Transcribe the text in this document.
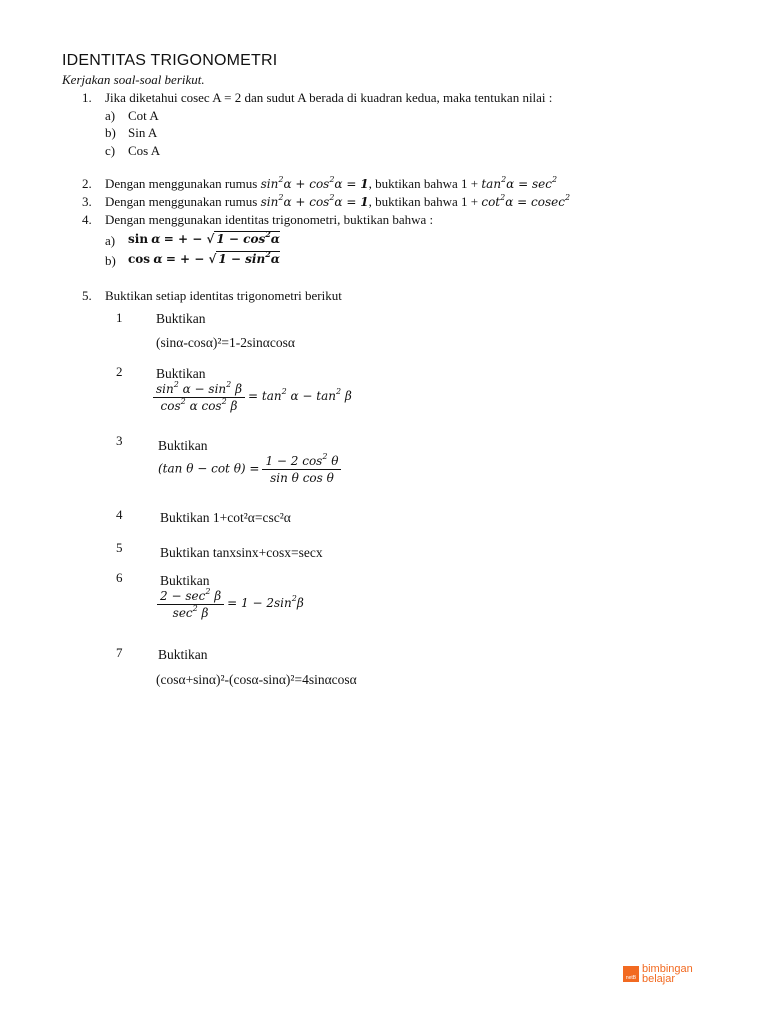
IDENTITAS TRIGONOMETRI
Kerjakan soal-soal berikut.
1. Jika diketahui cosec A = 2 dan sudut A berada di kuadran kedua, maka tentukan nilai :
a) Cot A
b) Sin A
c) Cos A
2. Dengan menggunakan rumus $\sin^2\alpha + \cos^2\alpha = 1$, buktikan bahwa $1 + \tan^2\alpha = \sec^2$
3. Dengan menggunakan rumus $\sin^2\alpha + \cos^2\alpha = 1$, buktikan bahwa $1 + \cot^2\alpha = cosec^2$
4. Dengan menggunakan identitas trigonometri, buktikan bahwa :
a) sin α = + − √ $1 - \cos^2\alpha$
b) cos α = + − √ $1 - \sin^2\alpha$
5. Buktikan setiap identitas trigonometri berikut
1 Buktikan
(sinα-cosα)²=1-2sinαcosα
2 Buktikan
$\frac{\sin^2 \alpha - \sin^2 \beta}{\cos^2 \alpha \cos^2 \beta} = \tan^2 \alpha - \tan^2 \beta$
3	Buktikan
(tan $\theta - \cot \theta) = \frac{1 - 2 \cos^2 \theta}{\text{sin θ cos θ}}$
4	Buktikan 1+cot²α=csc²α
5	Buktikan tanxsinx+cosx=secx
6	Buktikan
$\frac{2 - \sec^2 \beta}{\sec^2 \beta} = 1 - 2\sin^2\beta$
7	Buktikan
(cosα+sinα)²-(cosα-sinα)²=4sinαcosα
netB
bimbingan
belajar
